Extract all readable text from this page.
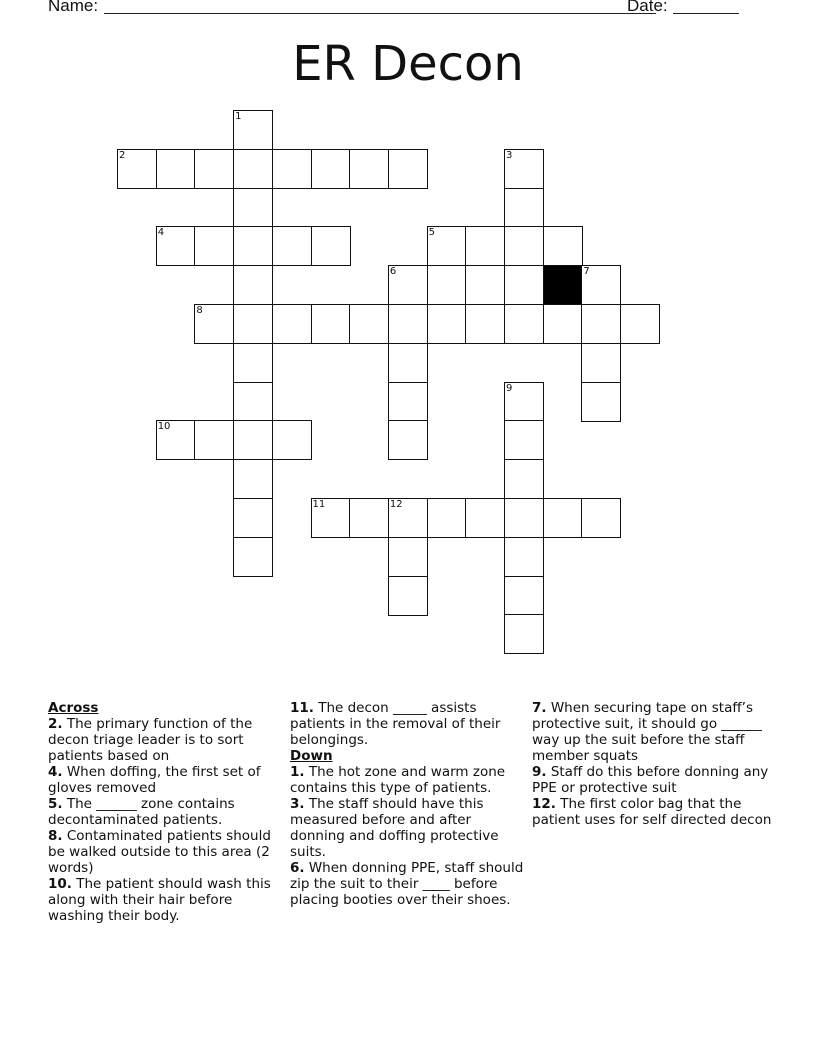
Name:	Date:
ER Decon
1
2	3
4	5
6	7
8
9
10
11	12
Across

2. The primary function of the decon triage leader is to sort patients based on

4. When doffing, the first set of gloves removed

5. The ______ zone contains decontaminated patients.

8. Contaminated patients should be walked outside to this area (2 words)

10. The patient should wash this along with their hair before washing their body.

11. The decon _____ assists patients in the removal of their belongings.

Down

1. The hot zone and warm zone contains this type of patients.

3. The staff should have this measured before and after donning and doffing protective suits.

6. When donning PPE, staff should zip the suit to their ____ before placing booties over their shoes.

7. When securing tape on staff’s protective suit, it should go ______ way up the suit before the staff member squats

9. Staff do this before donning any PPE or protective suit

12. The first color bag that the patient uses for self directed decon
